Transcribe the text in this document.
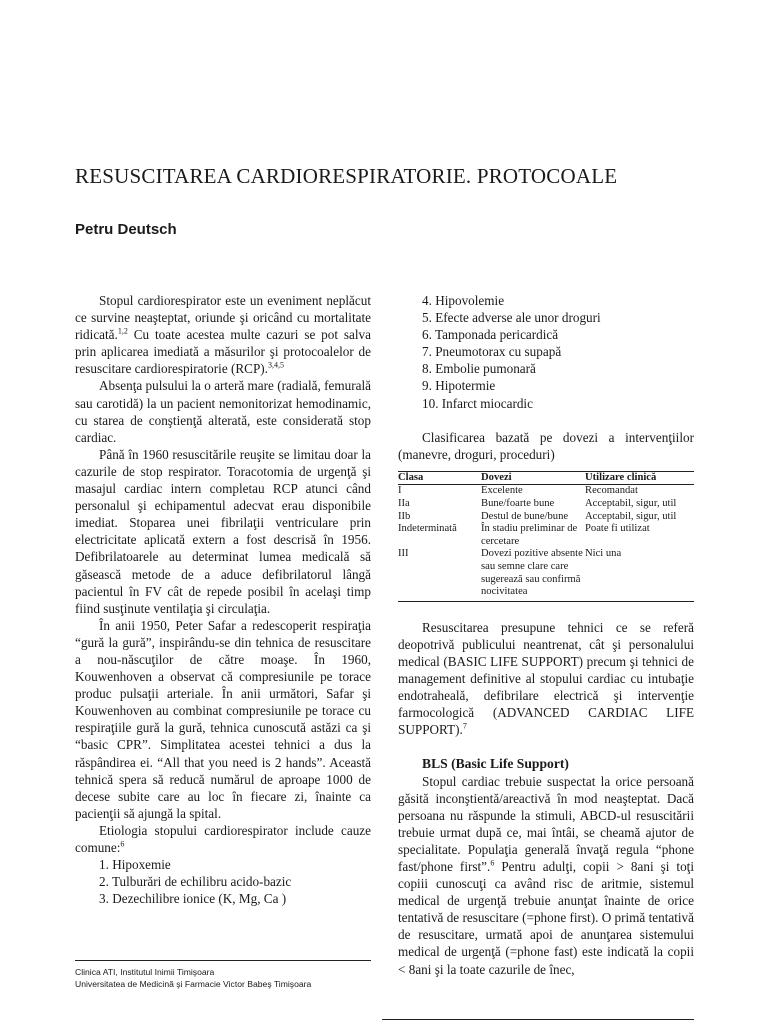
RESUSCITAREA CARDIORESPIRATORIE. PROTOCOALE
Petru Deutsch

Stopul cardiorespirator este un eveniment neplăcut ce survine neaşteptat, oriunde şi oricând cu mortalitate ridicată.$^{1,2}$ Cu toate acestea multe cazuri se pot salva prin aplicarea imediată a măsurilor şi protocoalelor de resuscitare cardiorespiratorie (RCP).$^{3,4,5}$

Absenţa pulsului la o arteră mare (radială, femurală sau carotidă) la un pacient nemonitorizat hemodinamic, cu starea de conştienţă alterată, este considerată stop cardiac.

Până în 1960 resuscitările reuşite se limitau doar la cazurile de stop respirator. Toracotomia de urgenţă şi masajul cardiac intern completau RCP atunci când personalul şi echipamentul adecvat erau disponibile imediat. Stoparea unei fibrilaţii ventriculare prin electricitate aplicată extern a fost descrisă în 1956. Defibrilatoarele au determinat lumea medicală să găsească metode de a aduce defibrilatorul lângă pacientul în FV cât de repede posibil în acelaşi timp fiind susţinute ventilaţia şi circulaţia.

În anii 1950, Peter Safar a redescoperit respiraţia “gură la gură”, inspirându-se din tehnica de resuscitare a nou-născuţilor de către moaşe. În 1960, Kouwenhoven a observat că compresiunile pe torace produc pulsaţii arteriale. În anii următori, Safar şi Kouwenhoven au combinat compresiunile pe torace cu respiraţiile gură la gură, tehnica cunoscută astăzi ca şi “basic CPR”. Simplitatea acestei tehnici a dus la răspândirea ei. “All that you need is 2 hands”. Această tehnică spera să reducă numărul de aproape 1000 de decese subite care au loc în fiecare zi, înainte ca pacienţii să ajungă la spital.

Etiologia stopului cardiorespirator include cauze comune:$^6$

1. Hipoxemie
2. Tulburări de echilibru acido-bazic
3. Dezechilibre ionice (K, Mg, Ca )
Clinica ATI, Institutul Inimii Timişoara
Universitatea de Medicină şi Farmacie Victor Babeş Timişoara
4. Hipovolemie
5. Efecte adverse ale unor droguri
6. Tamponada pericardică
7. Pneumotorax cu supapă
8. Embolie pumonară
9. Hipotermie
10. Infarct miocardic

Clasificarea bazată pe dovezi a intervenţiilor (manevre, droguri, proceduri)

Clasa	Dovezi	Utilizare clinică
I	Excelente	Recomandat
IIa	Bune/foarte bune	Acceptabil, sigur, util
IIb	Destul de bune/bune	Acceptabil, sigur, util
Indeterminată	În stadiu preliminar de cercetare	Poate fi utilizat
III	Dovezi pozitive absente sau semne clare care sugerează sau confirmă nocivitatea	Nici una

Resuscitarea presupune tehnici ce se referă deopotrivă publicului neantrenat, cât şi personalului medical (BASIC LIFE SUPPORT) precum şi tehnici de management definitive al stopului cardiac cu intubaţie endotraheală, defibrilare electrică şi intervenţie farmocologică (ADVANCED CARDIAC LIFE SUPPORT).$^7$

BLS (Basic Life Support)

Stopul cardiac trebuie suspectat la orice persoană găsită inconştientă/areactivă în mod neaşteptat. Dacă persoana nu răspunde la stimuli, ABCD-ul resuscitării trebuie urmat după ce, mai întâi, se cheamă ajutor de specialitate. Populaţia generală învaţă regula “phone fast/phone first”.$^6$ Pentru adulţi, copii > 8ani şi toţi copiii cunoscuţi ca având risc de aritmie, sistemul medical de urgenţă trebuie anunţat înainte de orice tentativă de resuscitare (=phone first). O primă tentativă de resuscitare, urmată apoi de anunţarea sistemului medical de urgenţă (=phone fast) este indicată la copii < 8ani şi la toate cazurile de înec,
